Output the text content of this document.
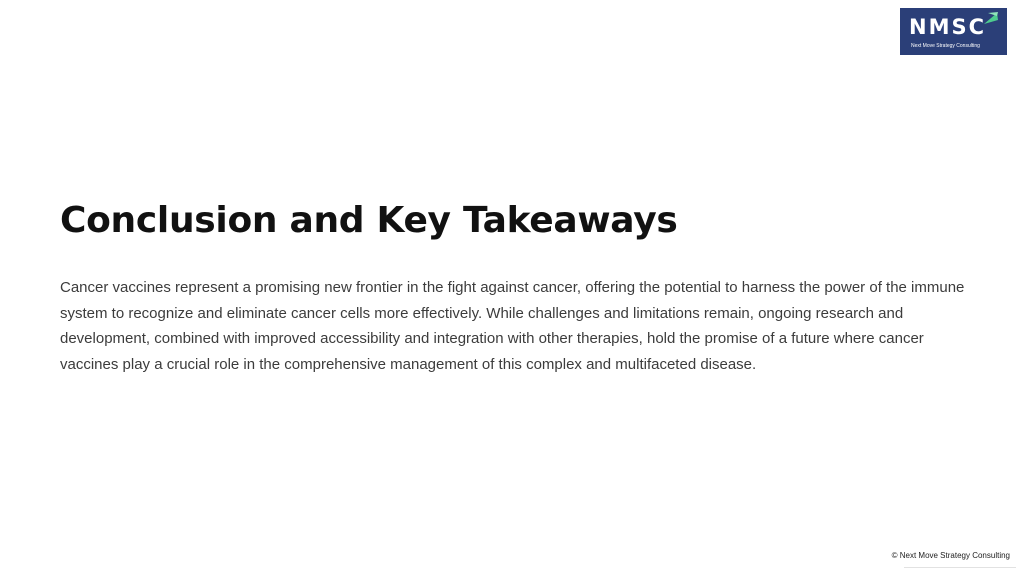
NMSC
Next Move Strategy Consulting
Conclusion and Key Takeaways

Cancer vaccines represent a promising new frontier in the fight against cancer, offering the potential to harness the power of the immune system to recognize and eliminate cancer cells more effectively. While challenges and limitations remain, ongoing research and development, combined with improved accessibility and integration with other therapies, hold the promise of a future where cancer vaccines play a crucial role in the comprehensive management of this complex and multifaceted disease.

© Next Move Strategy Consulting
